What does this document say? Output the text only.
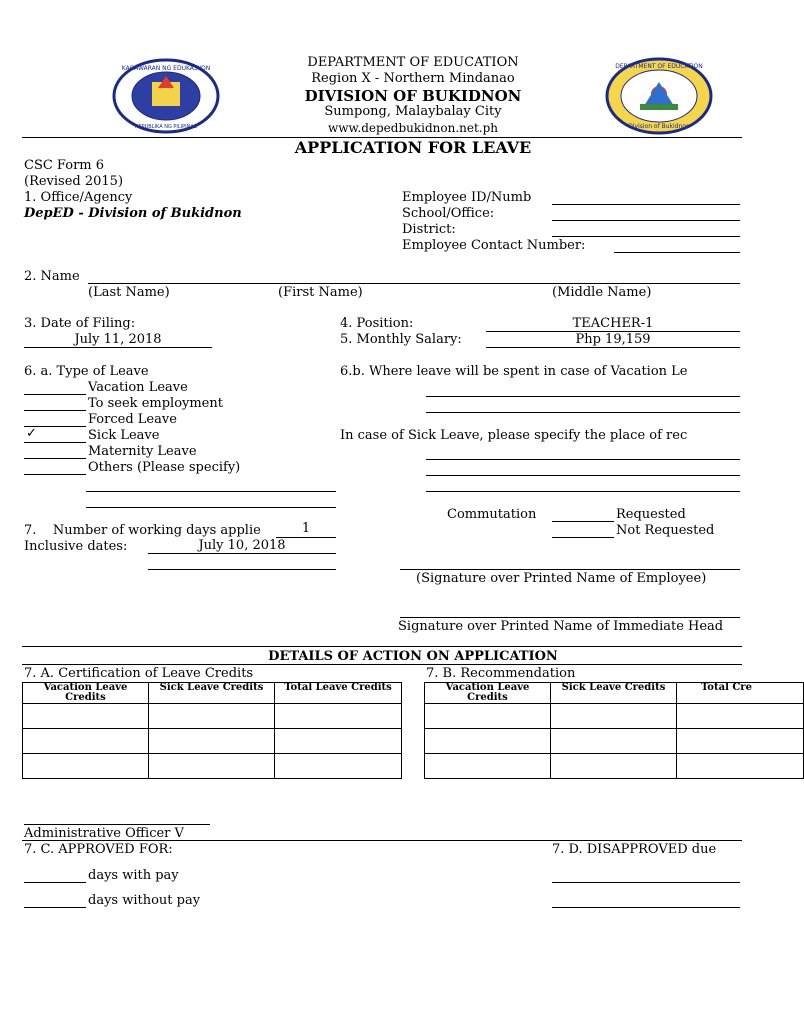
KAGAWARAN NG EDUKASYON
REPUBLIKA NG PILIPINAS
DEPARTMENT OF EDUCATION
Division of Bukidnon
DEPARTMENT OF EDUCATION
Region X - Northern Mindanao
DIVISION OF BUKIDNON
Sumpong, Malaybalay City
www.depedbukidnon.net.ph
APPLICATION FOR LEAVE
CSC Form 6
(Revised 2015)
1. Office/Agency
DepED - Division of Bukidnon
Employee ID/Numb
School/Office:
District:
Employee Contact Number:
2. Name
(Last Name)	(First Name)	(Middle Name)
3. Date of Filing:
July 11, 2018
4. Position:	TEACHER-1
5. Monthly Salary:	Php 19,159
6. a. Type of Leave
Vacation Leave
To seek employment
Forced Leave
✓	Sick Leave
Maternity Leave
Others (Please specify)
6.b. Where leave will be spent in case of Vacation Le
In case of Sick Leave, please specify the place of rec
Commutation	Requested
Not Requested
7.    Number of working days applie	1
Inclusive dates:	July 10, 2018
(Signature over Printed Name of Employee)
Signature over Printed Name of Immediate Head
DETAILS OF ACTION ON APPLICATION
7. A. Certification of Leave Credits	7. B. Recommendation
Vacation Leave Credits	Sick Leave Credits	Total Leave Credits

			Vacation Leave Credits	Sick Leave Credits	Total Cre

Administrative Officer V
7. C. APPROVED FOR:	7. D. DISAPPROVED due
days with pay
days without pay
